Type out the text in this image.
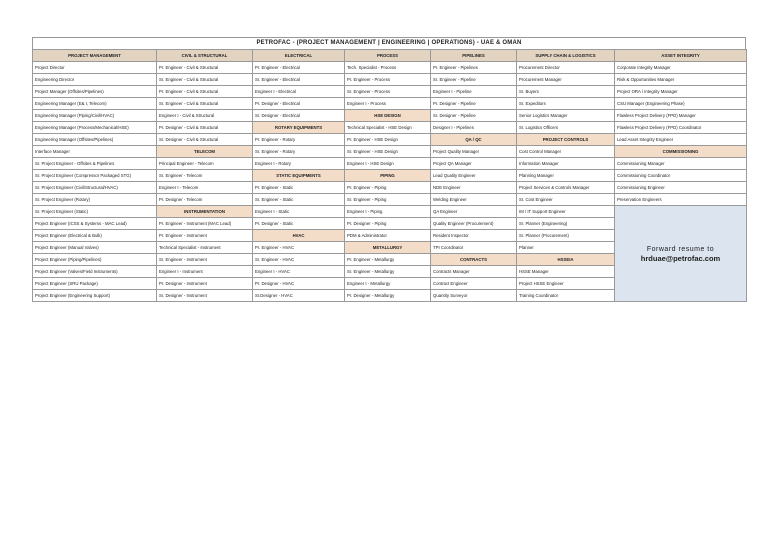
PETROFAC - (PROJECT MANAGEMENT | ENGINEERING | OPERATIONS) - UAE & OMAN
PROJECT MANAGEMENT	CIVIL & STRUCTURAL	ELECTRICAL	PROCESS	PIPELINES	SUPPLY CHAIN & LOGISTICS	ASSET INTEGRITY
Project Director	Pr. Engineer - Civil & Structural	Pr. Engineer - Electrical	Tech. Specialist - Process	Pr. Engineer - Pipelines	Procurement Director	Corporate Integrity Manager
Engineering Director	Sr. Engineer - Civil & Structural	Sr. Engineer - Electrical	Pr. Engineer - Process	Sr. Engineer - Pipeline	Procurement Manager	Risk & Opportunities Manager
Project Manager (Offsites/Pipelines)	Pr. Engineer - Civil & Structural	Engineer I - Electrical	Sr. Engineer - Process	Engineer I - Pipeline	Sr. Buyers	Project ORA / Integrity Manager
Engineering Manager (E& I, Telecom)	Sr. Engineer - Civil & Structural	Pr. Designer - Electrical	Engineer I - Process	Pr. Designer - Pipeline	Sr. Expeditors	CSU Manager (Engineering Phase)
Engineering Manager (Piping/Civil/HVAC)	Engineer I - Civil & Structural	Sr. Designer - Electrical	HSE DESIGN	Sr. Designer - Pipeline	Senior Logistics Manager	Flawless Project Delivery (FPD) Manager
Engineering Manager (Process/Mechanical/HSE)	Pr. Designer - Civil & Structural	ROTARY EQUIPMENTS	Technical Specialist - HSE Design	Designer I - Pipelines	Sr. Logistics Officers	Flawless Project Delivery (FPD) Coordinator
Engineering Manager (Offsites/Pipelines)	Sr. Designer - Civil & Structural	Pr. Engineer - Rotary	Pr. Engineer - HSE Design	QA / QC	PROJECT CONTROLS	Lead Asset Integrity Engineer
Interface Manager	TELECOM	Sr. Engineer - Rotary	Sr. Engineer - HSE Design	Project Quality Manager	Cost Control Manager	COMMISSIONING
Sr. Project Engineer - Offsites & Pipelines	Principal Engineer - Telecom	Engineer I - Rotary	Engineer I - HSE Design	Project QA Manager	Information Manager	Commissioning Manager
Sr. Project Engineer (Compressor Packaged STG)	Sr. Engineer - Telecom	STATIC EQUIPMENTS	PIPING	Lead Quality Engineer	Planning Manager	Commissioning Coordinator
Sr. Project Engineer (Civil/Structural/HVAC)	Engineer I - Telecom	Pr. Engineer - Static	Pr. Engineer - Piping	NDE Engineer	Project Services & Controls Manager	Commissioning Engineer
Sr. Project Engineer (Rotary)	Pr. Designer - Telecom	Sr. Engineer - Static	Sr. Engineer - Piping	Welding Engineer	Sr. Cost Engineer	Preservation Engineers
Sr. Project Engineer (Static)	INSTRUMENTATION	Engineer I - Static	Engineer I - Piping	QA Engineer	IM / IT Support Engineer	Forward resume to
hrduae@petrofac.com

Project Engineer (ICSS & Systems - MAC Lead)	Pr. Engineer - Instrument (MAC Lead)	Pr. Designer - Static	Pr. Designer - Piping	Quality Engineer (Procurement)	Sr. Planner (Engineering)	
Project Engineer (Electrical & Bulk)	Pr. Engineer - Instrument	HVAC	PDM & Administrator	Resident Inspector	Sr. Planner (Procurement)	
Project Engineer (Manual Valves)	Technical Specialist - Instrument	Pr. Engineer - HVAC	METALLURGY	TPI Coordinator	Planner	
Project Engineer (Piping/Pipelines)	Sr. Engineer - Instrument	Sr. Engineer - HVAC	Pr. Engineer - Metallurgy	CONTRACTS	HSSEIA	
Project Engineer (Valves/Field Instruments)	Engineer I - Instrument	Engineer I - HVAC	Sr. Engineer - Metallurgy	Contracts Manager	HSSE Manager	
Project Engineer (SRU Package)	Pr. Designer - Instrument	Pr. Designer - HVAC	Engineer I - Metallurgy	Contract Engineer	Project HSSE Engineer	
Project Engineer (Engineering Support)	Sr. Designer - Instrument	Sr.Designer - HVAC	Pr. Designer - Metallurgy	Quantity Surveyor	Training Coordinator	
